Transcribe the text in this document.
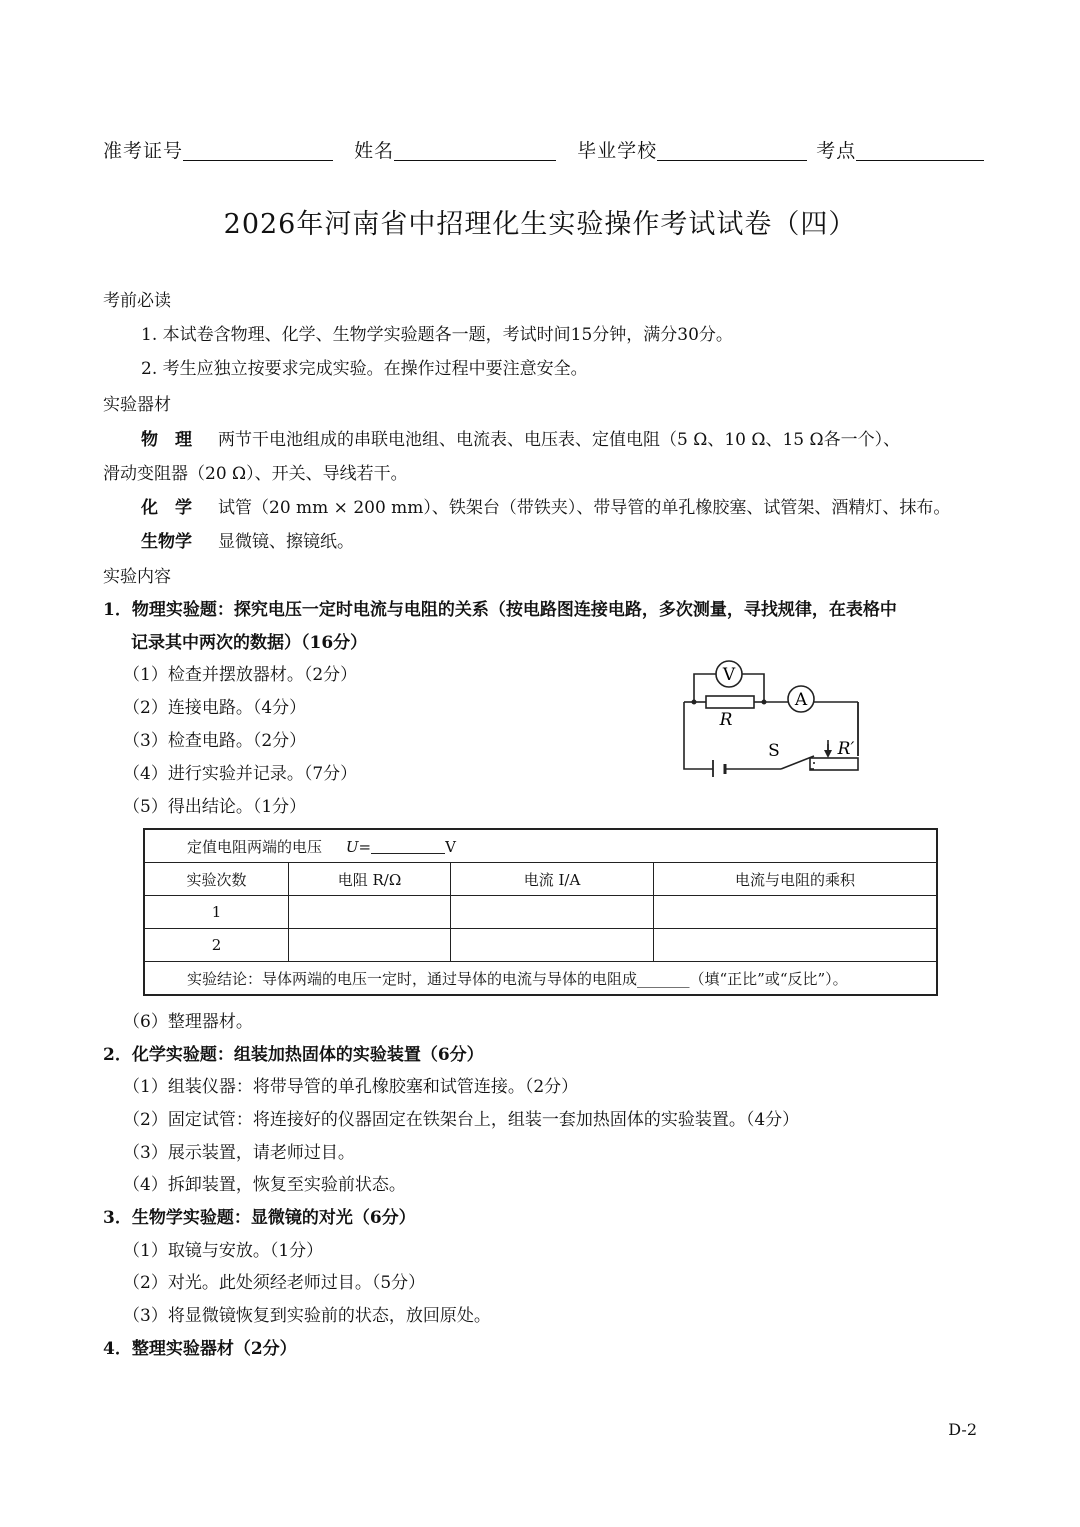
准考证号	姓名	毕业学校	考点
2026年河南省中招理化生实验操作考试试卷（四）
考前必读
1. 本试卷含物理、化学、生物学实验题各一题，考试时间15分钟，满分30分。
2. 考生应独立按要求完成实验。在操作过程中要注意安全。
实验器材
物　理 两节干电池组成的串联电池组、电流表、电压表、定值电阻（5 Ω、10 Ω、15 Ω各一个）、
滑动变阻器（20 Ω）、开关、导线若干。
化　学 试管（20 mm × 200 mm）、铁架台（带铁夹）、带导管的单孔橡胶塞、试管架、酒精灯、抹布。
生物学 显微镜、擦镜纸。
实验内容
1．物理实验题：探究电压一定时电流与电阻的关系（按电路图连接电路，多次测量，寻找规律，在表格中
记录其中两次的数据）（16分）
（1）检查并摆放器材。（2分）
（2）连接电路。（4分）
（3）检查电路。（2分）
（4）进行实验并记录。（7分）
（5）得出结论。（1分）
V
A
R
S	R′
定值电阻两端的电压 U= V			
实验次数	电阻 R/Ω	电流 I/A	电流与电阻的乘积
1			
2			
实验结论：导体两端的电压一定时，通过导体的电流与导体的电阻成_______（填“正比”或“反比”）。			
（6）整理器材。
2．化学实验题：组装加热固体的实验装置（6分）
（1）组装仪器：将带导管的单孔橡胶塞和试管连接。（2分）
（2）固定试管：将连接好的仪器固定在铁架台上，组装一套加热固体的实验装置。（4分）
（3）展示装置，请老师过目。
（4）拆卸装置，恢复至实验前状态。
3．生物学实验题：显微镜的对光（6分）
（1）取镜与安放。（1分）
（2）对光。此处须经老师过目。（5分）
（3）将显微镜恢复到实验前的状态，放回原处。
4．整理实验器材（2分）
D-2
